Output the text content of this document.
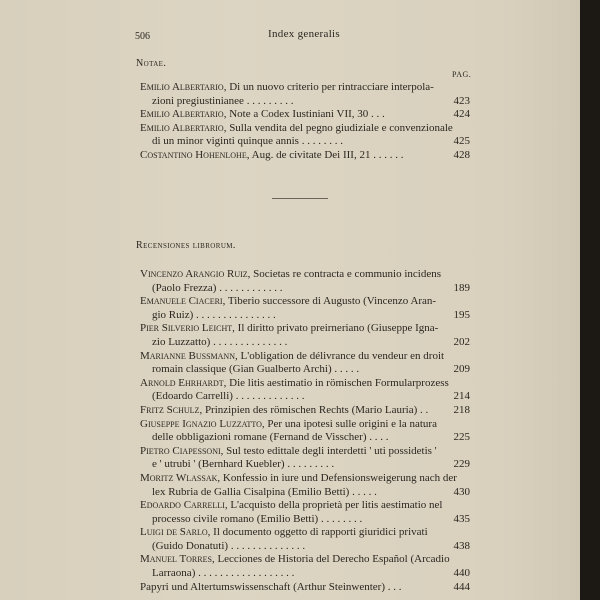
506	Index generalis
Notae.
PAG.
Emilio Albertario, Di un nuovo criterio per rintracciare interpola-
zioni pregiustinianee . . . . . . . . .	423
Emilio Albertario, Note a Codex Iustiniani VII, 30 . . .	424
Emilio Albertario, Sulla vendita del pegno giudiziale e convenzionale
di un minor viginti quinque annis . . . . . . . .	425
Costantino Hohenlohe, Aug. de civitate Dei III, 21 . . . . . .	428
Recensiones librorum.
Vincenzo Arangio Ruiz, Societas re contracta e communio incidens
(Paolo Frezza) . . . . . . . . . . . .	189
Emanuele Ciaceri, Tiberio successore di Augusto (Vincenzo Aran-
gio Ruiz) . . . . . . . . . . . . . . .	195
Pier Silverio Leicht, Il diritto privato preirneriano (Giuseppe Igna-
zio Luzzatto) . . . . . . . . . . . . . .	202
Marianne Bussmann, L'obligation de délivrance du vendeur en droit
romain classique (Gian Gualberto Archi) . . . . .	209
Arnold Ehrhardt, Die litis aestimatio in römischen Formularprozess
(Edoardo Carrelli) . . . . . . . . . . . . .	214
Fritz Schulz, Prinzipien des römischen Rechts (Mario Lauria) . .	218
Giuseppe Ignazio Luzzatto, Per una ipotesi sulle origini e la natura
delle obbligazioni romane (Fernand de Visscher) . . . .	225
Pietro Ciapessoni, Sul testo edittale degli interdetti ' uti possidetis '
e ' utrubi ' (Bernhard Kuebler) . . . . . . . . .	229
Moritz Wlassak, Konfessio in iure und Defensionsweigerung nach der
lex Rubria de Gallia Cisalpina (Emilio Betti) . . . . .	430
Edoardo Carrelli, L'acquisto della proprietà per litis aestimatio nel
processo civile romano (Emilio Betti) . . . . . . . .	435
Luigi de Sarlo, Il documento oggetto di rapporti giuridici privati
(Guido Donatuti) . . . . . . . . . . . . . .	438
Manuel Torres, Lecciones de Historia del Derecho Español (Arcadio
Larraona) . . . . . . . . . . . . . . . . . .	440
Papyri und Altertumswissenschaft (Arthur Steinwenter) . . .	444
